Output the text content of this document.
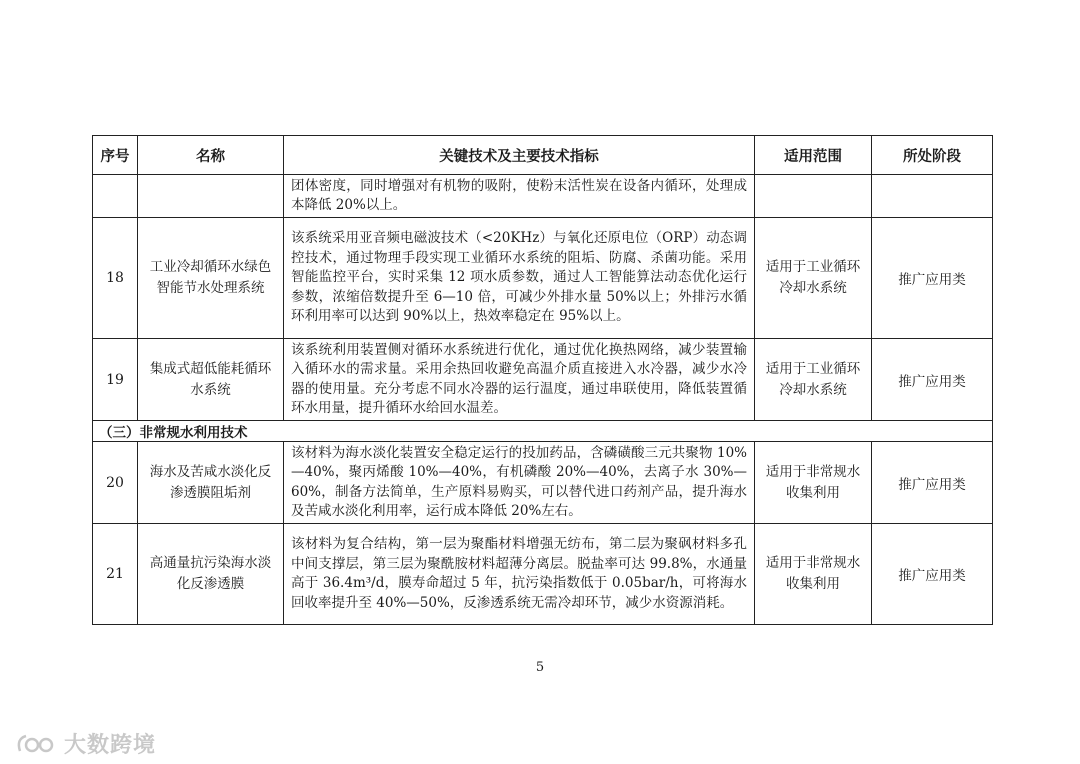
序号	名称	关键技术及主要技术指标	适用范围	所处阶段
		团体密度，同时增强对有机物的吸附，使粉末活性炭在设备内循环，处理成本降低 20%以上。		
18	工业冷却循环水绿色智能节水处理系统	该系统采用亚音频电磁波技术（<20KHz）与氧化还原电位（ORP）动态调控技术，通过物理手段实现工业循环水系统的阻垢、防腐、杀菌功能。采用智能监控平台，实时采集 12 项水质参数，通过人工智能算法动态优化运行参数，浓缩倍数提升至 6—10 倍，可减少外排水量 50%以上；外排污水循环利用率可以达到 90%以上，热效率稳定在 95%以上。	适用于工业循环冷却水系统	推广应用类
19	集成式超低能耗循环水系统	该系统利用装置侧对循环水系统进行优化，通过优化换热网络，减少装置输入循环水的需求量。采用余热回收避免高温介质直接进入水冷器，减少水冷器的使用量。充分考虑不同水冷器的运行温度，通过串联使用，降低装置循环水用量，提升循环水给回水温差。	适用于工业循环冷却水系统	推广应用类
（三）非常规水利用技术				
20	海水及苦咸水淡化反渗透膜阻垢剂	该材料为海水淡化装置安全稳定运行的投加药品，含磷磺酸三元共聚物 10%—40%，聚丙烯酸 10%—40%，有机磷酸 20%—40%，去离子水 30%—60%，制备方法简单，生产原料易购买，可以替代进口药剂产品，提升海水及苦咸水淡化利用率，运行成本降低 20%左右。	适用于非常规水收集利用	推广应用类
21	高通量抗污染海水淡化反渗透膜	该材料为复合结构，第一层为聚酯材料增强无纺布，第二层为聚砜材料多孔中间支撑层，第三层为聚酰胺材料超薄分离层。脱盐率可达 99.8%，水通量高于 36.4m³/d，膜寿命超过 5 年，抗污染指数低于 0.05bar/h，可将海水回收率提升至 40%—50%，反渗透系统无需冷却环节，减少水资源消耗。	适用于非常规水收集利用	推广应用类
5
大数跨境
